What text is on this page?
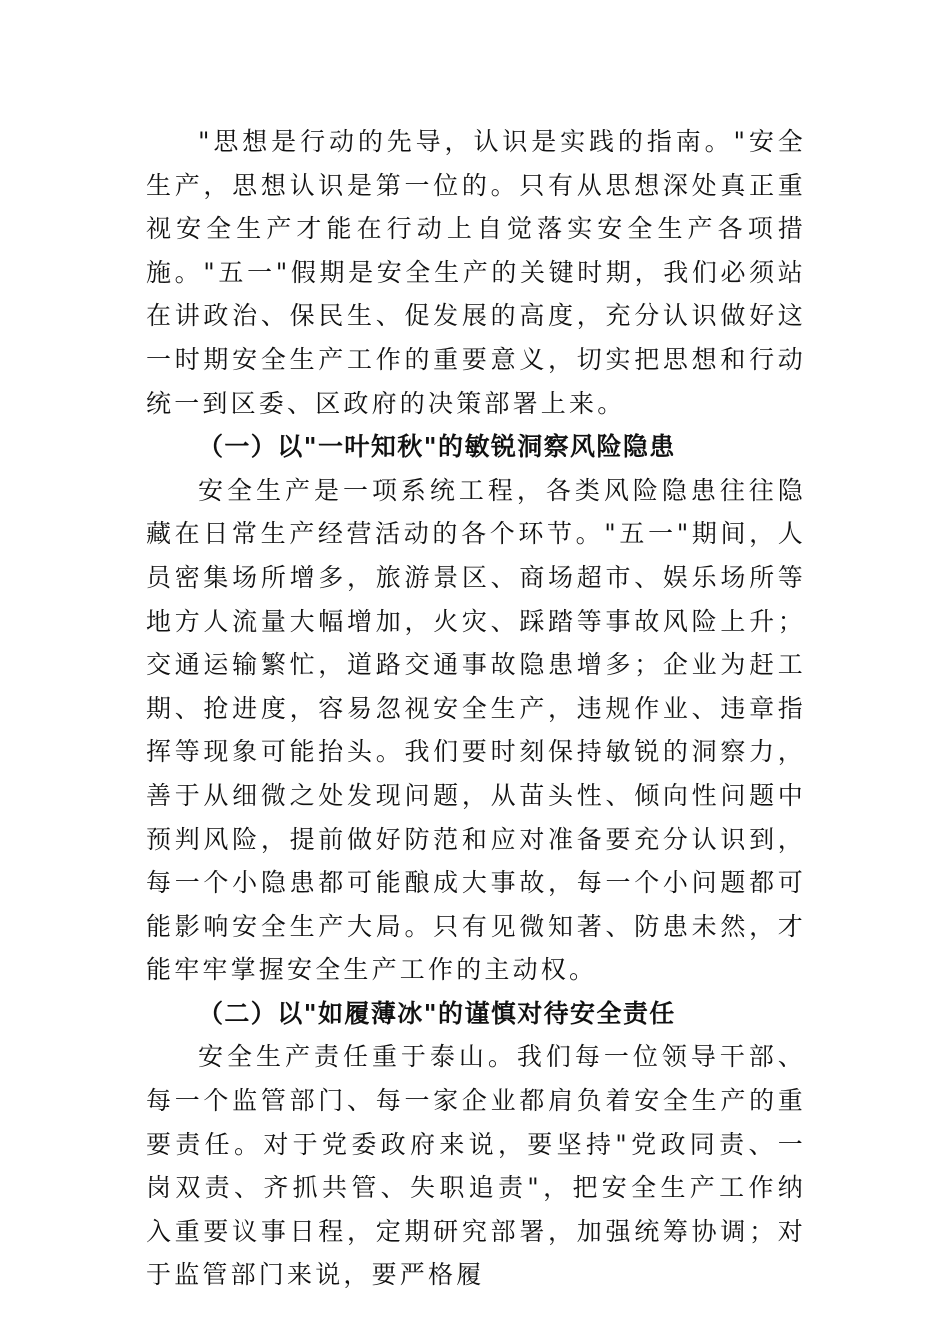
"思想是行动的先导，认识是实践的指南。"安全生产，思想认识是第一位的。只有从思想深处真正重视安全生产才能在行动上自觉落实安全生产各项措施。"五一"假期是安全生产的关键时期，我们必须站在讲政治、保民生、促发展的高度，充分认识做好这一时期安全生产工作的重要意义，切实把思想和行动统一到区委、区政府的决策部署上来。

（一）以"一叶知秋"的敏锐洞察风险隐患

安全生产是一项系统工程，各类风险隐患往往隐藏在日常生产经营活动的各个环节。"五一"期间，人员密集场所增多，旅游景区、商场超市、娱乐场所等地方人流量大幅增加，火灾、踩踏等事故风险上升；交通运输繁忙，道路交通事故隐患增多；企业为赶工期、抢进度，容易忽视安全生产，违规作业、违章指挥等现象可能抬头。我们要时刻保持敏锐的洞察力，善于从细微之处发现问题，从苗头性、倾向性问题中预判风险，提前做好防范和应对准备要充分认识到，每一个小隐患都可能酿成大事故，每一个小问题都可能影响安全生产大局。只有见微知著、防患未然，才能牢牢掌握安全生产工作的主动权。

（二）以"如履薄冰"的谨慎对待安全责任

安全生产责任重于泰山。我们每一位领导干部、每一个监管部门、每一家企业都肩负着安全生产的重要责任。对于党委政府来说，要坚持"党政同责、一岗双责、齐抓共管、失职追责"，把安全生产工作纳入重要议事日程，定期研究部署，加强统筹协调；对于监管部门来说，要严格履
